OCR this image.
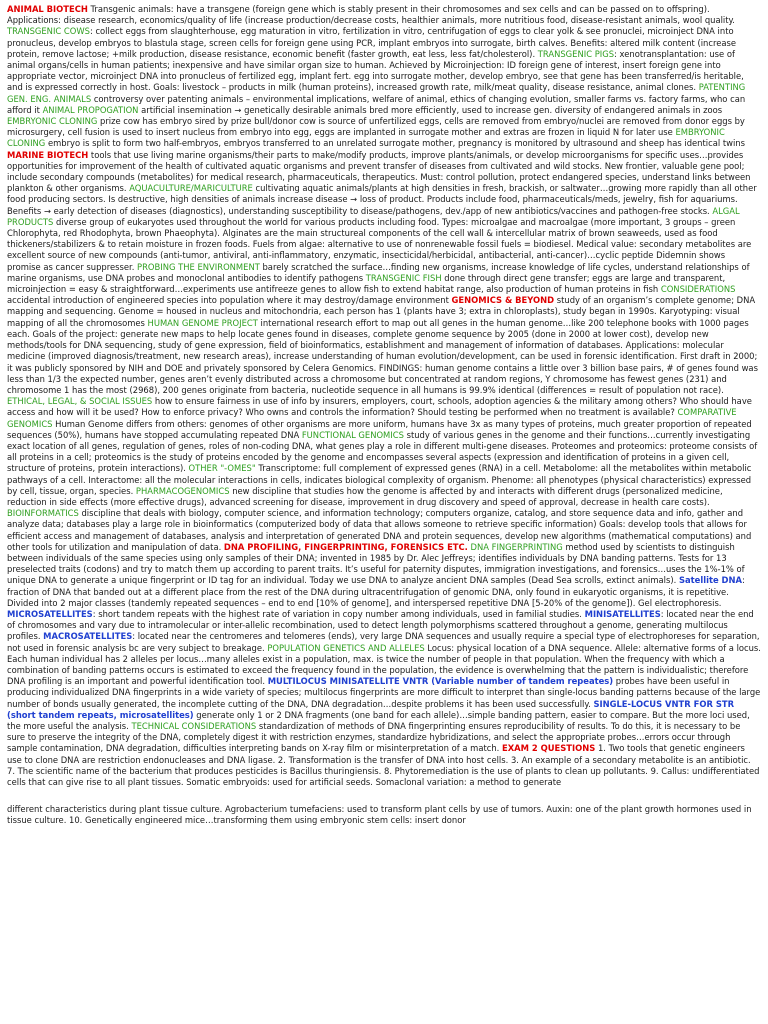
ANIMAL BIOTECH Transgenic animals: have a transgene (foreign gene which is stably present in their chromosomes and sex cells and can be passed on to offspring). Applications: disease research, economics/quality of life (increase production/decrease costs, healthier animals, more nutritious food, disease-resistant animals, wool quality. TRANSGENIC COWS: collect eggs from slaughterhouse, egg maturation in vitro, fertilization in vitro, centrifugation of eggs to clear yolk & see pronuclei, microinject DNA into pronucleus, develop embryos to blastula stage, screen cells for foreign gene using PCR, implant embryos into surrogate, birth calves. Benefits: altered milk content (increase protein, remove lactose; +milk production, disease resistance, economic benefit (faster growth, eat less, less fat/cholesterol). TRANSGENIC PIGS: xenotransplantation: use of animal organs/cells in human patients; inexpensive and have similar organ size to human. Achieved by Microinjection: ID foreign gene of interest, insert foreign gene into appropriate vector, microinject DNA into pronucleus of fertilized egg, implant fert. egg into surrogate mother, develop embryo, see that gene has been transferred/is heritable, and is expressed correctly in host. Goals: livestock – products in milk (human proteins), increased growth rate, milk/meat quality, disease resistance, animal clones. PATENTING GEN. ENG. ANIMALS controversy over patenting animals – environmental implications, welfare of animal, ethics of changing evolution, smaller farms vs. factory farms, who can afford it ANIMAL PROPOGATION artificial insemination → genetically desirable animals bred more efficiently, used to increase gen. diversity of endangered animals in zoos EMBRYONIC CLONING prize cow has embryo sired by prize bull/donor cow is source of unfertilized eggs, cells are removed from embryo/nuclei are removed from donor eggs by microsurgery, cell fusion is used to insert nucleus from embryo into egg, eggs are implanted in surrogate mother and extras are frozen in liquid N for later use EMBRYONIC CLONING embryo is split to form two half-embryos, embryos transferred to an unrelated surrogate mother, pregnancy is monitored by ultrasound and sheep has identical twins MARINE BIOTECH tools that use living marine organisms/their parts to make/modify products, improve plants/animals, or develop microorganisms for specific uses…provides opportunities for improvement of the health of cultivated aquatic organisms and prevent transfer of diseases from cultivated and wild stocks. New frontier, valuable gene pool; include secondary compounds (metabolites) for medical research, pharmaceuticals, therapeutics. Must: control pollution, protect endangered species, understand links between plankton & other organisms. AQUACULTURE/MARICULTURE cultivating aquatic animals/plants at high densities in fresh, brackish, or saltwater…growing more rapidly than all other food producing sectors. Is destructive, high densities of animals increase disease → loss of product. Products include food, pharmaceuticals/meds, jewelry, fish for aquariums. Benefits → early detection of diseases (diagnostics), understanding susceptibility to disease/pathogens, dev./app of new antibiotics/vaccines and pathogen-free stocks. ALGAL PRODUCTS diverse group of eukaryotes used throughout the world for various products including food. Types: microalgae and macroalgae (more important, 3 groups – green Chlorophyta, red Rhodophyta, brown Phaeophyta). Alginates are the main structureal components of the cell wall & intercellular matrix of brown seaweeds, used as food thickeners/stabilizers & to retain moisture in frozen foods. Fuels from algae: alternative to use of nonrenewable fossil fuels = biodiesel. Medical value: secondary metabolites are excellent source of new compounds (anti-tumor, antiviral, anti-inflammatory, enzymatic, insecticidal/herbicidal, antibacterial, anti-cancer)…cyclic peptide Didemnin shows promise as cancer suppresser. PROBING THE ENVIRONMENT barely scratched the surface…finding new organisms, increase knowledge of life cycles, understand relationships of marine organisms, use DNA probes and monoclonal antibodies to identify pathogens TRANSGENIC FISH done through direct gene transfer; eggs are large and transparent, microinjection = easy & straightforward…experiments use antifreeze genes to allow fish to extend habitat range, also production of human proteins in fish CONSIDERATIONS accidental introduction of engineered species into population where it may destroy/damage environment GENOMICS & BEYOND study of an organism’s complete genome; DNA mapping and sequencing. Genome = housed in nucleus and mitochondria, each person has 1 (plants have 3; extra in chloroplasts), study began in 1990s. Karyotyping: visual mapping of all the chromosomes HUMAN GENOME PROJECT international research effort to map out all genes in the human genome…like 200 telephone books with 1000 pages each. Goals of the project: generate new maps to help locate genes found in diseases, complete genome sequence by 2005 (done in 2000 at lower cost), develop new methods/tools for DNA sequencing, study of gene expression, field of bioinformatics, establishment and management of information of databases. Applications: molecular medicine (improved diagnosis/treatment, new research areas), increase understanding of human evolution/development, can be used in forensic identification. First draft in 2000; it was publicly sponsored by NIH and DOE and privately sponsored by Celera Genomics. FINDINGS: human genome contains a little over 3 billion base pairs, # of genes found was less than 1/3 the expected number, genes aren’t evenly distributed across a chromosome but concentrated at random regions, Y chromosome has fewest genes (231) and chromosome 1 has the most (2968), 200 genes originate from bacteria, nucleotide sequence in all humans is 99.9% identical (differences = result of population not race). ETHICAL, LEGAL, & SOCIAL ISSUES how to ensure fairness in use of info by insurers, employers, court, schools, adoption agencies & the military among others? Who should have access and how will it be used? How to enforce privacy? Who owns and controls the information? Should testing be performed when no treatment is available? COMPARATIVE GENOMICS Human Genome differs from others: genomes of other organisms are more uniform, humans have 3x as many types of proteins, much greater proportion of repeated sequences (50%), humans have stopped accumulating repeated DNA FUNCTIONAL GENOMICS study of various genes in the genome and their functions…currently investigating exact location of all genes, regulation of genes, roles of non-coding DNA, what genes play a role in different multi-gene diseases. Proteomes and proteomics: proteome consists of all proteins in a cell; proteomics is the study of proteins encoded by the genome and encompasses several aspects (expression and identification of proteins in a given cell, structure of proteins, protein interactions). OTHER "-OMES" Transcriptome: full complement of expressed genes (RNA) in a cell. Metabolome: all the metabolites within metabolic pathways of a cell. Interactome: all the molecular interactions in cells, indicates biological complexity of organism. Phenome: all phenotypes (physical characteristics) expressed by cell, tissue, organ, species. PHARMACOGENOMICS new discipline that studies how the genome is affected by and interacts with different drugs (personalized medicine, reduction in side effects (more effective drugs), advanced screening for disease, improvement in drug discovery and speed of approval, decrease in health care costs). BIOINFORMATICS discipline that deals with biology, computer science, and information technology; computers organize, catalog, and store sequence data and info, gather and analyze data; databases play a large role in bioinformatics (computerized body of data that allows someone to retrieve specific information) Goals: develop tools that allows for efficient access and management of databases, analysis and interpretation of generated DNA and protein sequences, develop new algorithms (mathematical computations) and other tools for utilization and manipulation of data. DNA PROFILING, FINGERPRINTING, FORENSICS ETC. DNA FINGERPRINTING method used by scientists to distinguish between individuals of the same species using only samples of their DNA; invented in 1985 by Dr. Alec Jeffreys; identifies individuals by DNA banding patterns. Tests for 13 preselected traits (codons) and try to match them up according to parent traits. It’s useful for paternity disputes, immigration investigations, and forensics…uses the 1%-1% of unique DNA to generate a unique fingerprint or ID tag for an individual. Today we use DNA to analyze ancient DNA samples (Dead Sea scrolls, extinct animals). Satellite DNA: fraction of DNA that banded out at a different place from the rest of the DNA during ultracentrifugation of genomic DNA, only found in eukaryotic organisms, it is repetitive. Divided into 2 major classes (tandemly repeated sequences – end to end [10% of genome], and interspersed repetitive DNA [5-20% of the genome]). Gel electrophoresis. MICROSATELLITES: short tandem repeats with the highest rate of variation in copy number among individuals, used in familial studies. MINISATELLITES: located near the end of chromosomes and vary due to intramolecular or inter-allelic recombination, used to detect length polymorphisms scattered throughout a genome, generating multilocus profiles. MACROSATELLITES: located near the centromeres and telomeres (ends), very large DNA sequences and usually require a special type of electrophoreses for separation, not used in forensic analysis bc are very subject to breakage. POPULATION GENETICS AND ALLELES Locus: physical location of a DNA sequence. Allele: alternative forms of a locus. Each human individual has 2 alleles per locus…many alleles exist in a population, max. is twice the number of people in that population. When the frequency with which a combination of banding patterns occurs is estimated to exceed the frequency found in the population, the evidence is overwhelming that the pattern is individualistic; therefore DNA profiling is an important and powerful identification tool. MULTILOCUS MINISATELLITE VNTR (Variable number of tandem repeates) probes have been useful in producing individualized DNA fingerprints in a wide variety of species; multilocus fingerprints are more difficult to interpret than single-locus banding patterns because of the large number of bonds usually generated, the incomplete cutting of the DNA, DNA degradation…despite problems it has been used successfully. SINGLE-LOCUS VNTR FOR STR (short tandem repeats, microsatellites) generate only 1 or 2 DNA fragments (one band for each allele)…simple banding pattern, easier to compare. But the more loci used, the more useful the analysis. TECHNICAL CONSIDERATIONS standardization of methods of DNA fingerprinting ensures reproducibility of results. To do this, it is necessary to be sure to preserve the integrity of the DNA, completely digest it with restriction enzymes, standardize hybridizations, and select the appropriate probes…errors occur through sample contamination, DNA degradation, difficulties interpreting bands on X-ray film or misinterpretation of a match. EXAM 2 QUESTIONS 1. Two tools that genetic engineers use to clone DNA are restriction endonucleases and DNA ligase. 2. Transformation is the transfer of DNA into host cells. 3. An example of a secondary metabolite is an antibiotic. 7. The scientific name of the bacterium that produces pesticides is Bacillus thuringiensis. 8. Phytoremediation is the use of plants to clean up pollutants. 9. Callus: undifferentiated cells that can give rise to all plant tissues. Somatic embryoids: used for artificial seeds. Somaclonal variation: a method to generate

different characteristics during plant tissue culture. Agrobacterium tumefaciens: used to transform plant cells by use of tumors. Auxin: one of the plant growth hormones used in tissue culture. 10. Genetically engineered mice…transforming them using embryonic stem cells: insert donor
